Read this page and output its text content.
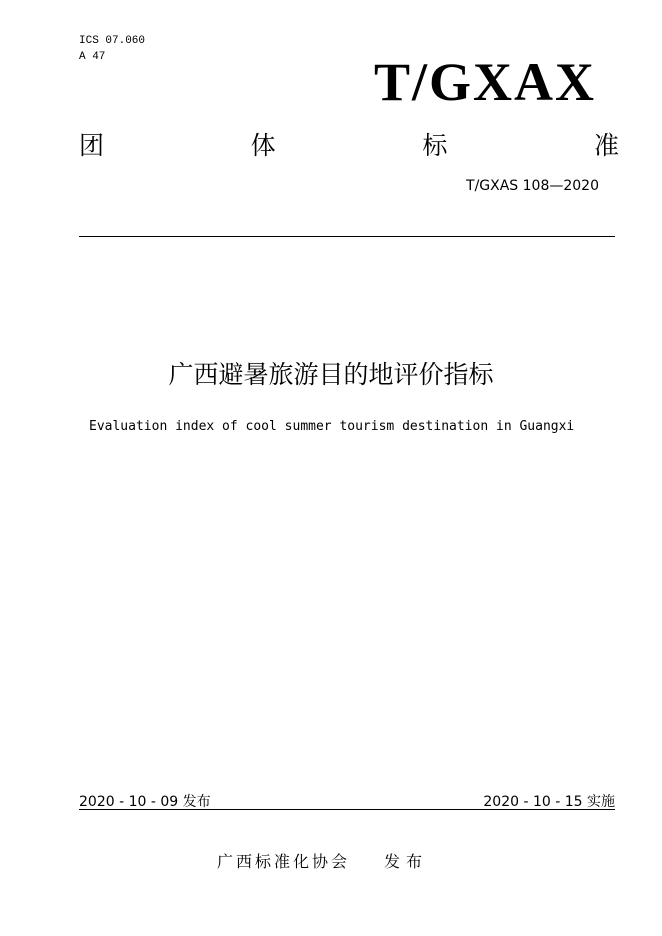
ICS 07.060
A 47	T/GXAX
团	体	标	准
T/GXAS 108—2020
广西避暑旅游目的地评价指标
Evaluation index of cool summer tourism destination in Guangxi
2020 - 10 - 09 发布	2020 - 10 - 15 实施
广西标准化协会 发布
